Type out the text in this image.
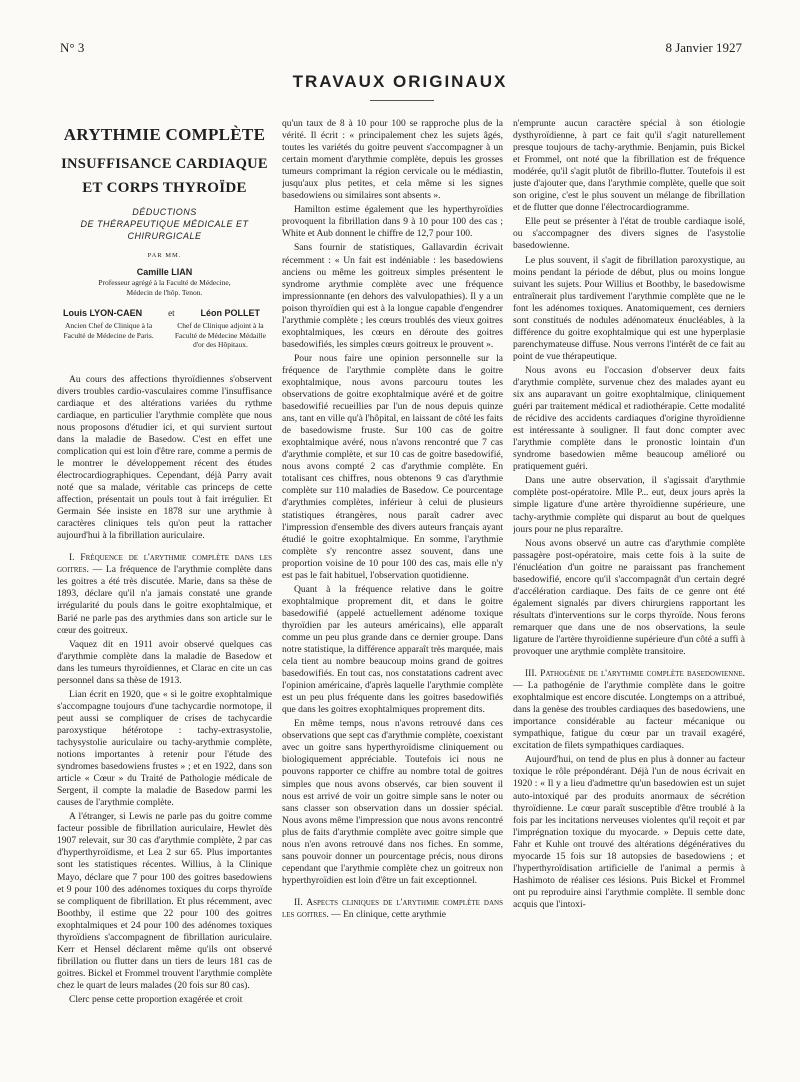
N° 3	8 Janvier 1927
TRAVAUX ORIGINAUX
ARYTHMIE COMPLÈTE
INSUFFISANCE CARDIAQUE
ET CORPS THYROÏDE
DÉDUCTIONS
DE THÉRAPEUTIQUE MÉDICALE ET CHIRURGICALE
PAR MM.
Camille LIAN
Professeur agrégé à la Faculté de Médecine,
Médecin de l'hôp. Tenon.
Louis LYON-CAEN	et	Léon POLLET
Ancien Chef de Clinique à la Faculté de Médecine de Paris.
Chef de Clinique adjoint à la Faculté de Médecine Médaille d'or des Hôpitaux.

Au cours des affections thyroïdiennes s'observent divers troubles cardio-vasculaires comme l'insuffisance cardiaque et des altérations variées du rythme cardiaque, en particulier l'arythmie complète que nous nous proposons d'étudier ici, et qui survient surtout dans la maladie de Basedow. C'est en effet une complication qui est loin d'être rare, comme a permis de le montrer le développement récent des études électrocardiographiques. Cependant, déjà Parry avait noté que sa malade, véritable cas princeps de cette affection, présentait un pouls tout à fait irrégulier. Et Germain Sée insiste en 1878 sur une arythmie à caractères cliniques tels qu'on peut la rattacher aujourd'hui à la fibrillation auriculaire.

I. Fréquence de l'arythmie complète dans les goitres. — La fréquence de l'arythmie complète dans les goitres a été très discutée. Marie, dans sa thèse de 1893, déclare qu'il n'a jamais constaté une grande irrégularité du pouls dans le goitre exophtalmique, et Barié ne parle pas des arythmies dans son article sur le cœur des goitreux.

Vaquez dit en 1911 avoir observé quelques cas d'arythmie complète dans la maladie de Basedow et dans les tumeurs thyroïdiennes, et Clarac en cite un cas personnel dans sa thèse de 1913.

Lian écrit en 1920, que « si le goitre exophtalmique s'accompagne toujours d'une tachycardie normotope, il peut aussi se compliquer de crises de tachycardie paroxystique hétérotope : tachy-extrasystolie, tachysystolie auriculaire ou tachy-arythmie complète, notions importantes à retenir pour l'étude des syndromes basedowiens frustes » ; et en 1922, dans son article « Cœur » du Traité de Pathologie médicale de Sergent, il compte la maladie de Basedow parmi les causes de l'arythmie complète.

A l'étranger, si Lewis ne parle pas du goitre comme facteur possible de fibrillation auriculaire, Hewlet dès 1907 relevait, sur 30 cas d'arythmie complète, 2 par cas d'hyperthyroïdisme, et Lea 2 sur 65. Plus importantes sont les statistiques récentes. Willius, à la Clinique Mayo, déclare que 7 pour 100 des goitres basedowiens et 9 pour 100 des adénomes toxiques du corps thyroïde se compliquent de fibrillation. Et plus récemment, avec Boothby, il estime que 22 pour 100 des goitres exophtalmiques et 24 pour 100 des adénomes toxiques thyroïdiens s'accompagnent de fibrillation auriculaire. Kerr et Hensel déclarent même qu'ils ont observé fibrillation ou flutter dans un tiers de leurs 181 cas de goitres. Bickel et Frommel trouvent l'arythmie complète chez le quart de leurs malades (20 fois sur 80 cas).

Clerc pense cette proportion exagérée et croit

qu'un taux de 8 à 10 pour 100 se rapproche plus de la vérité. Il écrit : « principalement chez les sujets âgés, toutes les variétés du goitre peuvent s'accompagner à un certain moment d'arythmie complète, depuis les grosses tumeurs comprimant la région cervicale ou le médiastin, jusqu'aux plus petites, et cela même si les signes basedowiens ou similaires sont absents ».

Hamilton estime également que les hyperthyroïdies provoquent la fibrillation dans 9 à 10 pour 100 des cas ; White et Aub donnent le chiffre de 12,7 pour 100.

Sans fournir de statistiques, Gallavardin écrivait récemment : « Un fait est indéniable : les basedowiens anciens ou même les goitreux simples présentent le syndrome arythmie complète avec une fréquence impressionnante (en dehors des valvulopathies). Il y a un poison thyroïdien qui est à la longue capable d'engendrer l'arythmie complète ; les cœurs troublés des vieux goitres exophtalmiques, les cœurs en déroute des goitres basedowifiés, les simples cœurs goitreux le prouvent ».

Pour nous faire une opinion personnelle sur la fréquence de l'arythmie complète dans le goitre exophtalmique, nous avons parcouru toutes les observations de goitre exophtalmique avéré et de goitre basedowifié recueillies par l'un de nous depuis quinze ans, tant en ville qu'à l'hôpital, en laissant de côté les faits de basedowisme fruste. Sur 100 cas de goitre exophtalmique avéré, nous n'avons rencontré que 7 cas d'arythmie complète, et sur 10 cas de goitre basedowifié, nous avons compté 2 cas d'arythmie complète. En totalisant ces chiffres, nous obtenons 9 cas d'arythmie complète sur 110 maladies de Basedow. Ce pourcentage d'arythmies complètes, inférieur à celui de plusieurs statistiques étrangères, nous paraît cadrer avec l'impression d'ensemble des divers auteurs français ayant étudié le goitre exophtalmique. En somme, l'arythmie complète s'y rencontre assez souvent, dans une proportion voisine de 10 pour 100 des cas, mais elle n'y est pas le fait habituel, l'observation quotidienne.

Quant à la fréquence relative dans le goitre exophtalmique proprement dit, et dans le goitre basedowifié (appelé actuellement adénome toxique thyroïdien par les auteurs américains), elle apparaît comme un peu plus grande dans ce dernier groupe. Dans notre statistique, la différence apparaît très marquée, mais cela tient au nombre beaucoup moins grand de goitres basedowifiés. En tout cas, nos constatations cadrent avec l'opinion américaine, d'après laquelle l'arythmie complète est un peu plus fréquente dans les goitres basedowifiés que dans les goitres exophtalmiques proprement dits.

En même temps, nous n'avons retrouvé dans ces observations que sept cas d'arythmie complète, coexistant avec un goitre sans hyperthyroïdisme cliniquement ou biologiquement appréciable. Toutefois ici nous ne pouvons rapporter ce chiffre au nombre total de goitres simples que nous avons observés, car bien souvent il nous est arrivé de voir un goitre simple sans le noter ou sans classer son observation dans un dossier spécial. Nous avons même l'impression que nous avons rencontré plus de faits d'arythmie complète avec goitre simple que nous n'en avons retrouvé dans nos fiches. En somme, sans pouvoir donner un pourcentage précis, nous dirons cependant que l'arythmie complète chez un goitreux non hyperthyroïdien est loin d'être un fait exceptionnel.

II. Aspects cliniques de l'arythmie complète dans les goitres. — En clinique, cette arythmie

n'emprunte aucun caractère spécial à son étiologie dysthyroïdienne, à part ce fait qu'il s'agit naturellement presque toujours de tachy-arythmie. Benjamin, puis Bickel et Frommel, ont noté que la fibrillation est de fréquence modérée, qu'il s'agit plutôt de fibrillo-flutter. Toutefois il est juste d'ajouter que, dans l'arythmie complète, quelle que soit son origine, c'est le plus souvent un mélange de fibrillation et de flutter que donne l'électrocardiogramme.

Elle peut se présenter à l'état de trouble cardiaque isolé, ou s'accompagner des divers signes de l'asystolie basedowienne.

Le plus souvent, il s'agit de fibrillation paroxystique, au moins pendant la période de début, plus ou moins longue suivant les sujets. Pour Willius et Boothby, le basedowisme entraînerait plus tardivement l'arythmie complète que ne le font les adénomes toxiques. Anatomiquement, ces derniers sont constitués de nodules adénomateux énucléables, à la différence du goitre exophtalmique qui est une hyperplasie parenchymateuse diffuse. Nous verrons l'intérêt de ce fait au point de vue thérapeutique.

Nous avons eu l'occasion d'observer deux faits d'arythmie complète, survenue chez des malades ayant eu six ans auparavant un goitre exophtalmique, cliniquement guéri par traitement médical et radiothérapie. Cette modalité de récidive des accidents cardiaques d'origine thyroïdienne est intéressante à souligner. Il faut donc compter avec l'arythmie complète dans le pronostic lointain d'un syndrome basedowien même beaucoup amélioré ou pratiquement guéri.

Dans une autre observation, il s'agissait d'arythmie complète post-opératoire. Mlle P... eut, deux jours après la simple ligature d'une artère thyroïdienne supérieure, une tachy-arythmie complète qui disparut au bout de quelques jours pour ne plus reparaître.

Nous avons observé un autre cas d'arythmie complète passagère post-opératoire, mais cette fois à la suite de l'énucléation d'un goitre ne paraissant pas franchement basedowifié, encore qu'il s'accompagnât d'un certain degré d'accélération cardiaque. Des faits de ce genre ont été également signalés par divers chirurgiens rapportant les résultats d'interventions sur le corps thyroïde. Nous ferons remarquer que dans une de nos observations, la seule ligature de l'artère thyroïdienne supérieure d'un côté a suffi à provoquer une arythmie complète transitoire.

III. Pathogénie de l'arythmie complète basedowienne. — La pathogénie de l'arythmie complète dans le goitre exophtalmique est encore discutée. Longtemps on a attribué, dans la genèse des troubles cardiaques des basedowiens, une importance considérable au facteur mécanique ou sympathique, fatigue du cœur par un travail exagéré, excitation de filets sympathiques cardiaques.

Aujourd'hui, on tend de plus en plus à donner au facteur toxique le rôle prépondérant. Déjà l'un de nous écrivait en 1920 : « Il y a lieu d'admettre qu'un basedowien est un sujet auto-intoxiqué par des produits anormaux de sécrétion thyroïdienne. Le cœur paraît susceptible d'être troublé à la fois par les incitations nerveuses violentes qu'il reçoit et par l'imprégnation toxique du myocarde. » Depuis cette date, Fahr et Kuhle ont trouvé des altérations dégénératives du myocarde 15 fois sur 18 autopsies de basedowiens ; et l'hyperthyroïdisation artificielle de l'animal a permis à Hashimoto de réaliser ces lésions. Puis Bickel et Frommel ont pu reproduire ainsi l'arythmie complète. Il semble donc acquis que l'intoxi-
